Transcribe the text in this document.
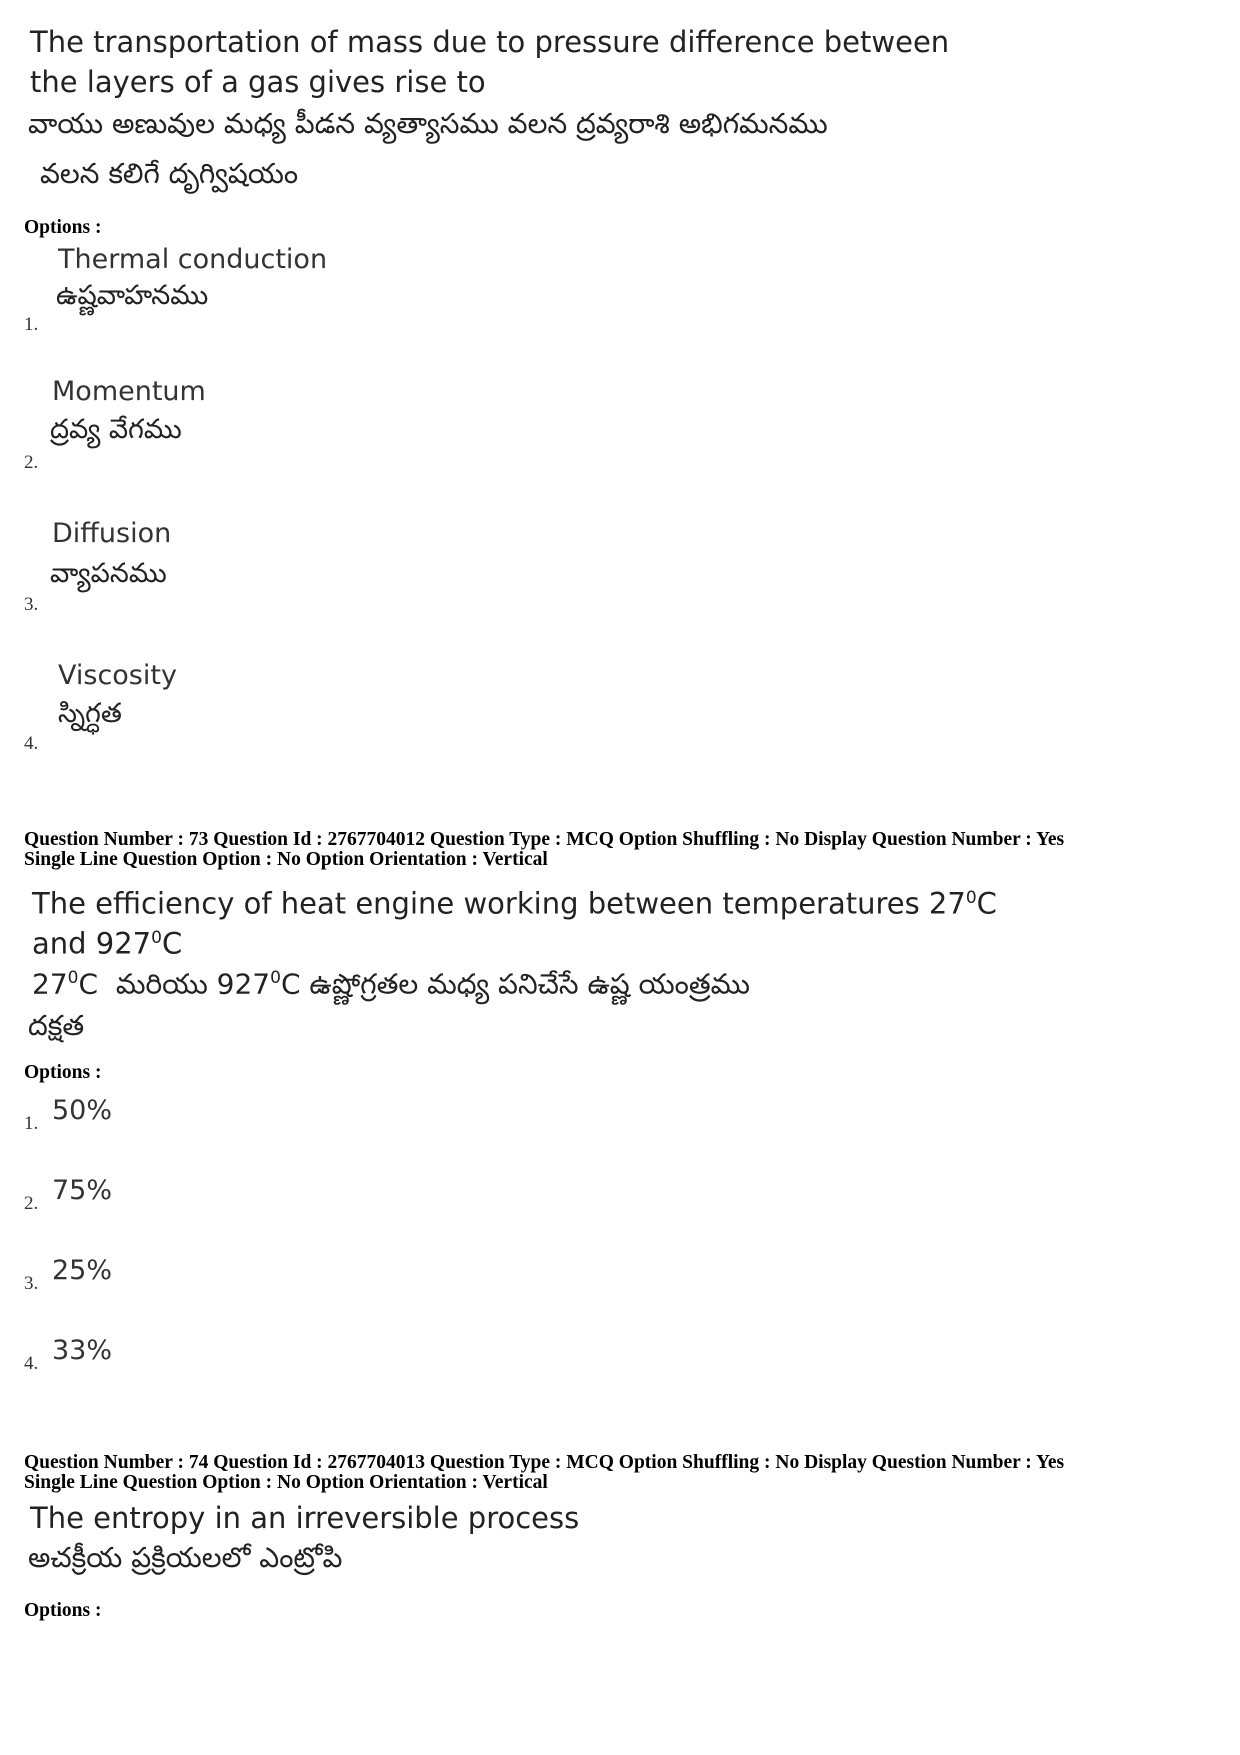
The transportation of mass due to pressure difference between
the layers of a gas gives rise to
వాయు అణువుల మధ్య పీడన వ్యత్యాసము వలన ద్రవ్యరాశి అభిగమనము
వలన కలిగే దృగ్విషయం
Options :
Thermal conduction
ఉష్ణవాహనము
1.
Momentum
ద్రవ్య వేగము
2.
Diffusion
వ్యాపనము
3.
Viscosity
స్నిగ్ధత
4.
Question Number : 73 Question Id : 2767704012 Question Type : MCQ Option Shuffling : No Display Question Number : Yes
Single Line Question Option : No Option Orientation : Vertical
The efficiency of heat engine working between temperatures $27^0C$
and $927^0C$
$27^0C$ మరియు $927^0C$ ఉష్ణోగ్రతల మధ్య పనిచేసే ఉష్ణ యంత్రము
దక్షత
Options :
1. 50%
2. 75%
3. 25%
4. 33%
Question Number : 74 Question Id : 2767704013 Question Type : MCQ Option Shuffling : No Display Question Number : Yes
Single Line Question Option : No Option Orientation : Vertical
The entropy in an irreversible process
అచక్రీయ ప్రక్రియలలో ఎంట్రోపి
Options :
